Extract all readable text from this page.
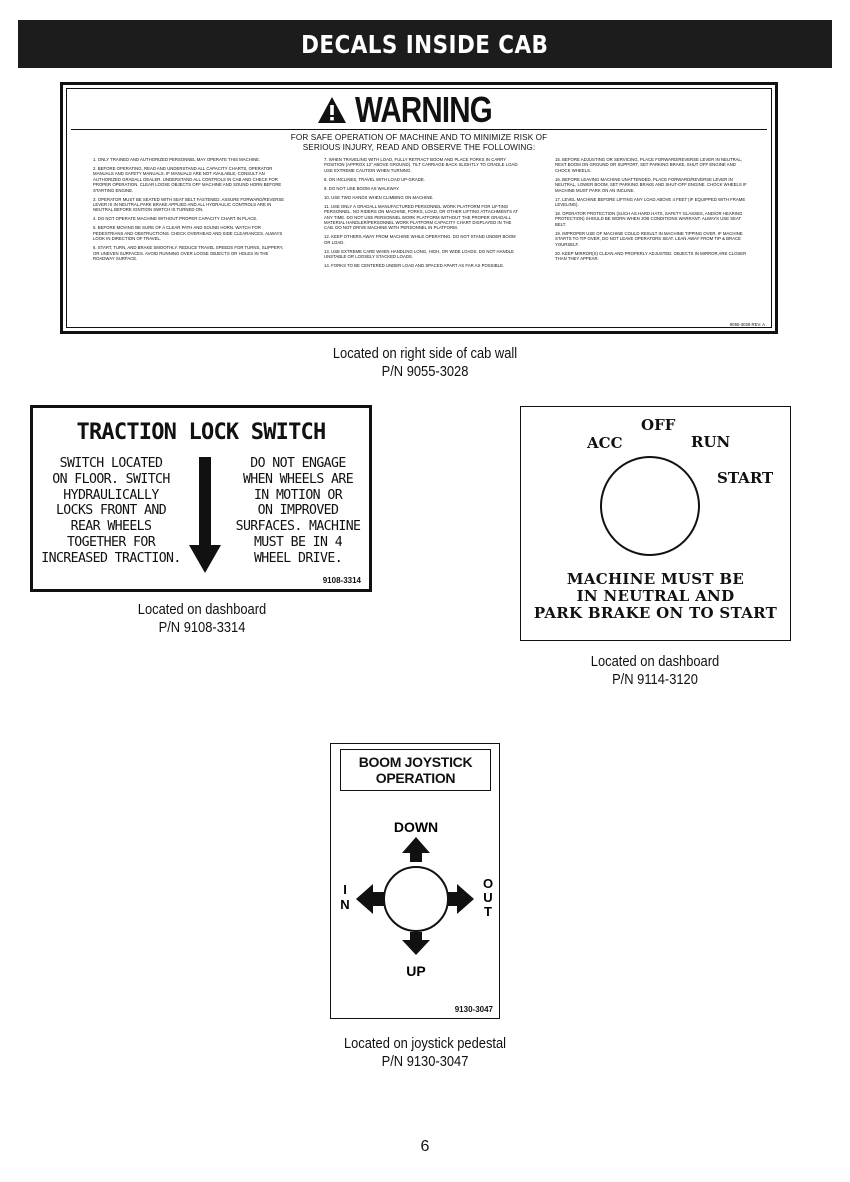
DECALS INSIDE CAB
WARNING
FOR SAFE OPERATION OF MACHINE AND TO MINIMIZE RISK OF
SERIOUS INJURY, READ AND OBSERVE THE FOLLOWING:

1. ONLY TRAINED AND AUTHORIZED PERSONNEL MAY OPERATE THIS MACHINE.

2. BEFORE OPERATING, READ AND UNDERSTAND ALL CAPACITY CHARTS, OPERATOR MANUALS AND SAFETY MANUALS. IF MANUALS ARE NOT AVAILABLE, CONSULT AN AUTHORIZED GRADALL DEALER. UNDERSTAND ALL CONTROLS IN CAB AND CHECK FOR PROPER OPERATION. CLEAR LOOSE OBJECTS OFF MACHINE AND SOUND HORN BEFORE STARTING ENGINE.

3. OPERATOR MUST BE SEATED WITH SEAT BELT FASTENED. ASSURE FORWARD/REVERSE LEVER IS IN NEUTRAL,PARK BRAKE APPLIED AND ALL HYDRAULIC CONTROLS ARE IN NEUTRAL BEFORE IGNITION SWITCH IS TURNED ON.

4. DO NOT OPERATE MACHINE WITHOUT PROPER CAPACITY CHART IN PLACE.

5. BEFORE MOVING BE SURE OF A CLEAR PATH AND SOUND HORN. WATCH FOR PEDESTRIANS AND OBSTRUCTIONS. CHECK OVERHEAD AND SIDE CLEARANCES. ALWAYS LOOK IN DIRECTION OF TRAVEL.

6. START, TURN, AND BRAKE SMOOTHLY. REDUCE TRAVEL SPEEDS FOR TURNS, SLIPPERY, OR UNEVEN SURFACES. AVOID RUNNING OVER LOOSE OBJECTS OR HOLES IN THE ROADWAY SURFACE.

7. WHEN TRAVELING WITH LOAD, FULLY RETRACT BOOM AND PLACE FORKS IN CARRY POSITION (APPROX 12" ABOVE GROUND). TILT CARRIAGE BACK SLIGHTLY TO CRADLE LOAD. USE EXTREME CAUTION WHEN TURNING.

8. ON INCLINES, TRAVEL WITH LOAD UP-GRADE.

9. DO NOT USE BOOM AS WALKWAY.

10. USE TWO HANDS WHEN CLIMBING ON MACHINE.

11. USE ONLY A GRADALL MANUFACTURED PERSONNEL WORK PLATFORM FOR LIFTING PERSONNEL. NO RIDERS ON MACHINE, FORKS, LOAD, OR OTHER LIFTING ATTACHMENTS AT ANY TIME. DO NOT USE PERSONNEL WORK PLATFORM WITHOUT THE PROPER GRADALL MATERIAL HANDLER/PERSONNEL WORK PLATFORM CAPACITY CHART DISPLAYED IN THE CAB. DO NOT DRIVE MACHINE WITH PERSONNEL IN PLATFORM.

12. KEEP OTHERS AWAY FROM MACHINE WHILE OPERATING. DO NOT STAND UNDER BOOM OR LOAD.

13. USE EXTREME CARE WHEN HANDLING LONG, HIGH, OR WIDE LOADS. DO NOT HANDLE UNSTABLE OR LOOSELY STACKED LOADS.

14. FORKS TO BE CENTERED UNDER LOAD AND SPACED APART AS FAR AS POSSIBLE.

15. BEFORE ADJUSTING OR SERVICING, PLACE FORWARD/REVERSE LEVER IN NEUTRAL, REST BOOM ON GROUND OR SUPPORT, SET PARKING BRAKE, SHUT OFF ENGINE AND CHOCK WHEELS.

16. BEFORE LEAVING MACHINE UNATTENDED, PLACE FORWARD/REVERSE LEVER IN NEUTRAL, LOWER BOOM, SET PARKING BRAKE AND SHUT-OFF ENGINE. CHOCK WHEELS IF MACHINE MUST PARK ON AN INCLINE.

17. LEVEL MACHINE BEFORE LIFTING ANY LOAD ABOVE 4 FEET (IF EQUIPPED WITH FRAME LEVELING).

18. OPERATOR PROTECTION (SUCH AS HARD HATS, SAFETY GLASSES, AND/OR HEARING PROTECTION) SHOULD BE WORN WHEN JOB CONDITIONS WARRANT. ALWAYS USE SEAT BELT.

19. IMPROPER USE OF MACHINE COULD RESULT IN MACHINE TIPPING OVER. IF MACHINE STARTS TO TIP OVER, DO NOT LEAVE OPERATORS SEAT. LEAN AWAY FROM TIP & BRACE YOURSELF.

20. KEEP MIRROR(S) CLEAN AND PROPERLY ADJUSTED. OBJECTS IN MIRROR ARE CLOSER THAN THEY APPEAR.

9055-3028 REV. A
Located on right side of cab wall
P/N 9055-3028
TRACTION LOCK SWITCH
SWITCH LOCATED
ON FLOOR. SWITCH
HYDRAULICALLY
LOCKS FRONT AND
REAR WHEELS
TOGETHER FOR
INCREASED TRACTION.
DO NOT ENGAGE
WHEN WHEELS ARE
IN MOTION OR
ON IMPROVED
SURFACES. MACHINE
MUST BE IN 4
WHEEL DRIVE.
9108-3314
Located on dashboard
P/N 9108-3314
OFF
ACC	RUN
START
MACHINE MUST BE
IN NEUTRAL AND
PARK BRAKE ON TO START
Located on dashboard
P/N 9114-3120
BOOM JOYSTICK
OPERATION
DOWN
I
N
O
U
T
UP
9130-3047
Located on joystick pedestal
P/N 9130-3047
6
